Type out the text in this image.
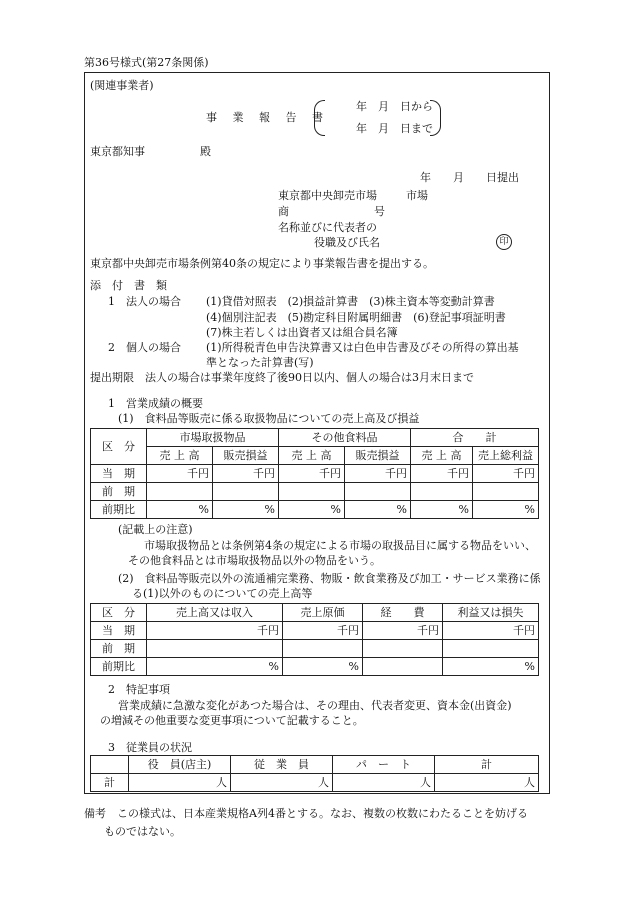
第36号様式(第27条関係)
(関連事業者)
事 業 報 告 書
年　月　日から
年　月　日まで
東京都知事	殿
年　　月　　日提出
東京都中央卸売市場	市場
商	号
名称並びに代表者の
役職及び氏名	印
東京都中央卸売市場条例第40条の規定により事業報告書を提出する。
添　付　書　類
1　法人の場合 (1)貸借対照表　(2)損益計算書　(3)株主資本等変動計算書
(4)個別注記表　(5)勘定科目附属明細書　(6)登記事項証明書
(7)株主若しくは出資者又は組合員名簿
2　個人の場合 (1)所得税青色申告決算書又は白色申告書及びその所得の算出基
準となった計算書(写)
提出期限　法人の場合は事業年度終了後90日以内、個人の場合は3月末日まで
1　営業成績の概要
(1)　食料品等販売に係る取扱物品についての売上高及び損益
区　分	市場取扱物品		その他食料品		合　　計	
	売 上 高	販売損益	売 上 高	販売損益	売 上 高	売上総利益
当　期	千円	千円	千円	千円	千円	千円
前　期						
前期比	%	%	%	%	%	%
(記載上の注意)
市場取扱物品とは条例第4条の規定による市場の取扱品目に属する物品をいい、
その他食料品とは市場取扱物品以外の物品をいう。
(2)　食料品等販売以外の流通補完業務、物販・飲食業務及び加工・サービス業務に係
る(1)以外のものについての売上高等
区　分	売上高又は収入	売上原価	経　　費	利益又は損失
当　期	千円	千円	千円	千円
前　期				
前期比	%	%		%
2　特記事項
営業成績に急激な変化があつた場合は、その理由、代表者変更、資本金(出資金)
の増減その他重要な変更事項について記載すること。
3　従業員の状況
	役　員(店主)	従　業　員	パ　ー　ト	計
計	人	人	人	人
備考　この様式は、日本産業規格A列4番とする。なお、複数の枚数にわたることを妨げる
ものではない。
